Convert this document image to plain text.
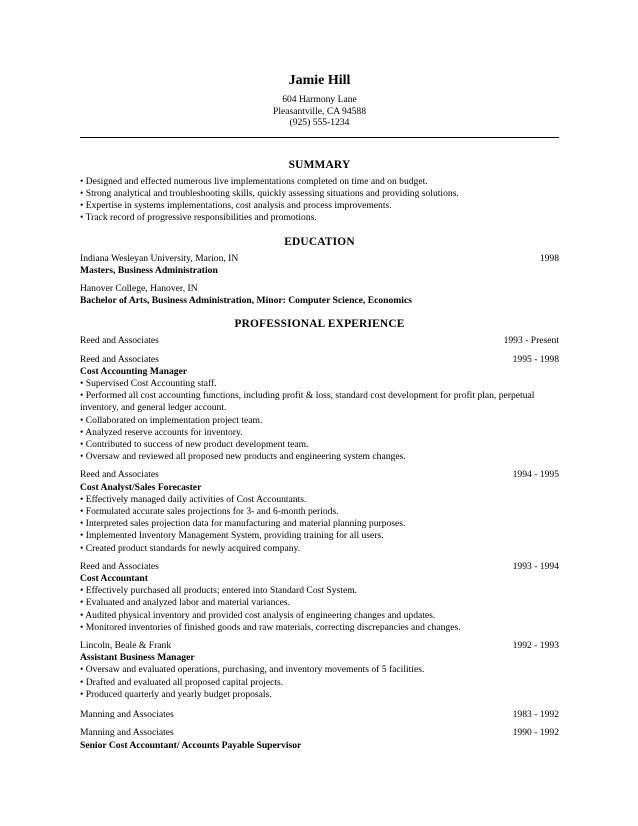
Jamie Hill
604 Harmony Lane
Pleasantville, CA 94588
(925) 555-1234
SUMMARY
• Designed and effected numerous live implementations completed on time and on budget.
• Strong analytical and troubleshooting skills, quickly assessing situations and providing solutions.
• Expertise in systems implementations, cost analysis and process improvements.
• Track record of progressive responsibilities and promotions.
EDUCATION
Indiana Wesleyan University, Marion, IN	1998
Masters, Business Administration
Hanover College, Hanover, IN
Bachelor of Arts, Business Administration, Minor: Computer Science, Economics
PROFESSIONAL EXPERIENCE
Reed and Associates	1993 - Present
Reed and Associates	1995 - 1998
Cost Accounting Manager
• Supervised Cost Accounting staff.
• Performed all cost accounting functions, including profit & loss, standard cost development for profit plan, perpetual inventory, and general ledger account.
• Collaborated on implementation project team.
• Analyzed reserve accounts for inventory.
• Contributed to success of new product development team.
• Oversaw and reviewed all proposed new products and engineering system changes.
Reed and Associates	1994 - 1995
Cost Analyst/Sales Forecaster
• Effectively managed daily activities of Cost Accountants.
• Formulated accurate sales projections for 3- and 6-month periods.
• Interpreted sales projection data for manufacturing and material planning purposes.
• Implemented Inventory Management System, providing training for all users.
• Created product standards for newly acquired company.
Reed and Associates	1993 - 1994
Cost Accountant
• Effectively purchased all products; entered into Standard Cost System.
• Evaluated and analyzed labor and material variances.
• Audited physical inventory and provided cost analysis of engineering changes and updates.
• Monitored inventories of finished goods and raw materials, correcting discrepancies and changes.
Lincoln, Beale & Frank	1992 - 1993
Assistant Business Manager
• Oversaw and evaluated operations, purchasing, and inventory movements of 5 facilities.
• Drafted and evaluated all proposed capital projects.
• Produced quarterly and yearly budget proposals.
Manning and Associates	1983 - 1992
Manning and Associates	1990 - 1992
Senior Cost Accountant/ Accounts Payable Supervisor
